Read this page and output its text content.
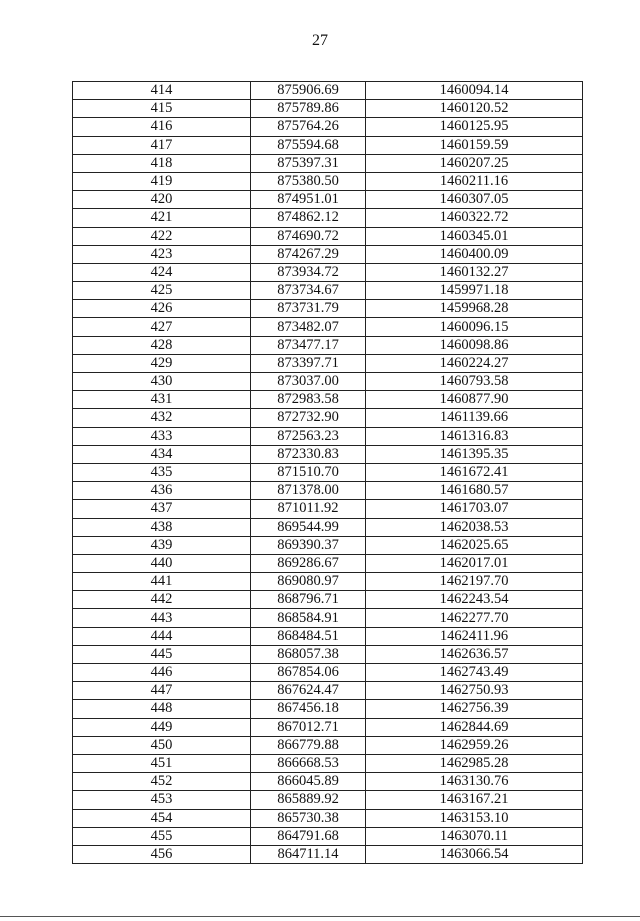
27
414	875906.69	1460094.14
415	875789.86	1460120.52
416	875764.26	1460125.95
417	875594.68	1460159.59
418	875397.31	1460207.25
419	875380.50	1460211.16
420	874951.01	1460307.05
421	874862.12	1460322.72
422	874690.72	1460345.01
423	874267.29	1460400.09
424	873934.72	1460132.27
425	873734.67	1459971.18
426	873731.79	1459968.28
427	873482.07	1460096.15
428	873477.17	1460098.86
429	873397.71	1460224.27
430	873037.00	1460793.58
431	872983.58	1460877.90
432	872732.90	1461139.66
433	872563.23	1461316.83
434	872330.83	1461395.35
435	871510.70	1461672.41
436	871378.00	1461680.57
437	871011.92	1461703.07
438	869544.99	1462038.53
439	869390.37	1462025.65
440	869286.67	1462017.01
441	869080.97	1462197.70
442	868796.71	1462243.54
443	868584.91	1462277.70
444	868484.51	1462411.96
445	868057.38	1462636.57
446	867854.06	1462743.49
447	867624.47	1462750.93
448	867456.18	1462756.39
449	867012.71	1462844.69
450	866779.88	1462959.26
451	866668.53	1462985.28
452	866045.89	1463130.76
453	865889.92	1463167.21
454	865730.38	1463153.10
455	864791.68	1463070.11
456	864711.14	1463066.54
